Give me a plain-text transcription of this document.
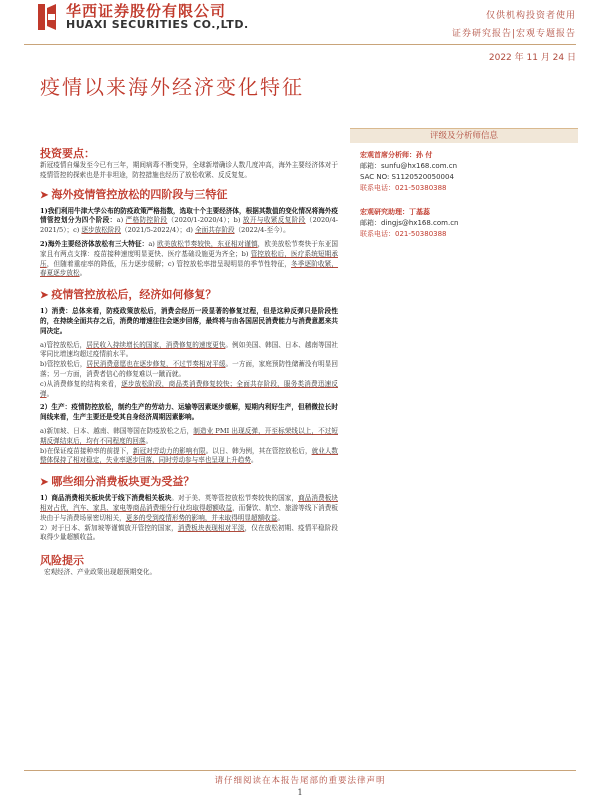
华西证券股份有限公司
HUAXI SECURITIES CO.,LTD.
仅供机构投资者使用
证券研究报告|宏观专题报告
2022 年 11 月 24 日
疫情以来海外经济变化特征
评级及分析师信息
宏观首席分析师：孙 付
邮箱：sunfu@hx168.com.cn
SAC NO: S1120520050004
联系电话：021-50380388
宏观研究助理：丁基蕊
邮箱：dingjs@hx168.com.cn
联系电话：021-50380388
投资要点：

新冠疫情自爆发至今已有三年，期间病毒不断变异，全球新增确诊人数几度冲高，海外主要经济体对于疫情管控的探索也是并非坦途，防控措施也经历了放松收紧、反反复复。

➤ 海外疫情管控放松的四阶段与三特征

1)我们利用牛津大学公布的防疫政策严格指数，选取十个主要经济体，根据其数值的变化情况将海外疫情管控划分为四个阶段：a) 严格防控阶段（2020/1-2020/4）；b) 放开与收紧反复阶段（2020/4-2021/5）；c) 逐步放松阶段（2021/5-2022/4）；d) 全面共存阶段（2022/4-至今）。

2)海外主要经济体放松有三大特征：a) 欧美放松节奏较快，东亚相对谨慎，欧美放松节奏快于东亚国家且有两点支撑：疫苗接种速度明显更快、医疗基础设施更为齐全；b) 管控放松后，医疗系统短期承压，但随着重症率的降低，压力逐步缓解；c) 管控放松率措呈现明显的季节性特征，冬季逐阶收紧，春夏逐步放松。

➤ 疫情管控放松后，经济如何修复？

1）消费：总体来看，防疫政策放松后，消费会经历一段显著的修复过程，但是这种反弹只是阶段性的，在持续全面共存之后，消费的增速往往会逐步回落，最终将与由各国居民消费能力与消费意愿来共同决定。

a)管控放松后，居民收入持续增长的国家，消费修复的速度更快。例如美国、韩国、日本、越南等国社零同比增速均超过疫情前水平。

b)管控放松后，居民消费意愿也在逐步修复，不过节奏相对平缓。一方面，家庭预防性储蓄没有明显回落；另一方面，消费者信心的修复难以一蹴而就。

c)从消费修复的结构来看，逐步放松阶段，商品类消费修复较快；全面共存阶段，服务类消费迅速反弹。

2）生产：疫情防控放松，制约生产的劳动力、运输等因素逐步缓解，短期内利好生产，但稍微拉长时间线来看，生产主要还是受其自身经济周期因素影响。

a)新加坡、日本、越南、韩国等国在防疫放松之后，制造业 PMI 出现反弹，开至标荣线以上，不过短期反弹结束后，均有不同程度的回落。

b)在保证疫苗接种率的前提下，新冠对劳动力的影响有限。以日、韩为例，其在管控放松后，就业人数整体保持了相对稳定，失业率逐步回落，同时劳动参与率也呈现上升趋势。

➤ 哪些细分消费板块更为受益？

1）商品消费相关板块优于线下消费相关板块。对于美、英等管控放松节奏较快的国家，商品消费板块相对占优，汽车、家具、家电等商品消费细分行业均取得超额收益，而餐饮、航空、旅游等线下消费板块由于与消费场景密切相关，更多的受到疫情形势的影响，并未取得明显超额收益。

2）对于日本、新加坡等谨慎放开管控的国家，消费板块表现相对平淡，仅在放松初期、疫情平稳阶段取得少量超额收益。

风险提示

宏观经济、产业政策出现超预期变化。

请仔细阅读在本报告尾部的重要法律声明
1
